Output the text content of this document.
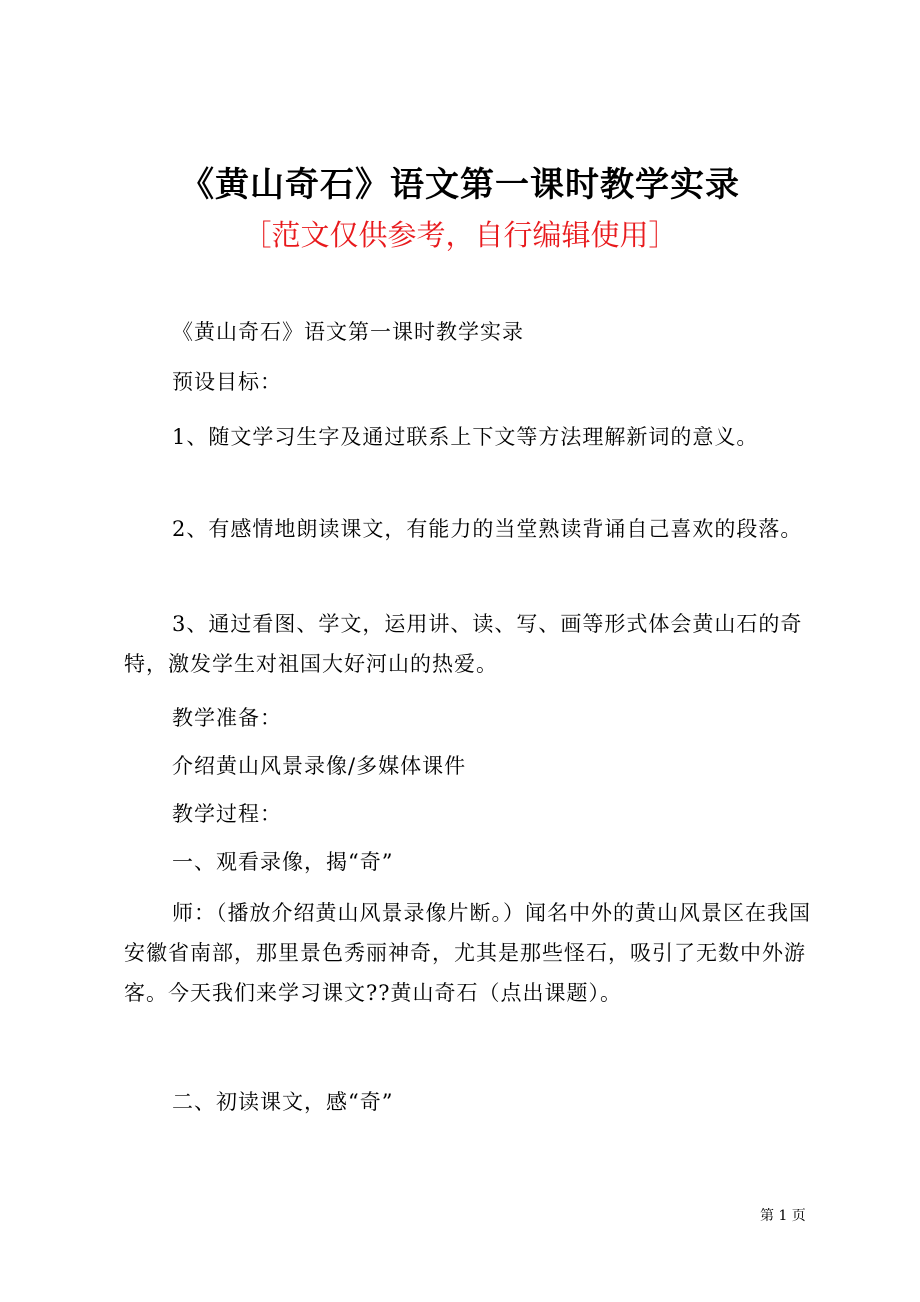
《黄山奇石》语文第一课时教学实录
［范文仅供参考，自行编辑使用］

《黄山奇石》语文第一课时教学实录

预设目标：

1、随文学习生字及通过联系上下文等方法理解新词的意义。

2、有感情地朗读课文，有能力的当堂熟读背诵自己喜欢的段落。

3、通过看图、学文，运用讲、读、写、画等形式体会黄山石的奇特，激发学生对祖国大好河山的热爱。

教学准备：

介绍黄山风景录像/多媒体课件

教学过程：

一、观看录像，揭“奇”

师：（播放介绍黄山风景录像片断。）闻名中外的黄山风景区在我国安徽省南部，那里景色秀丽神奇，尤其是那些怪石，吸引了无数中外游客。今天我们来学习课文??黄山奇石（点出课题）。

二、初读课文，感“奇”

第 1 页
